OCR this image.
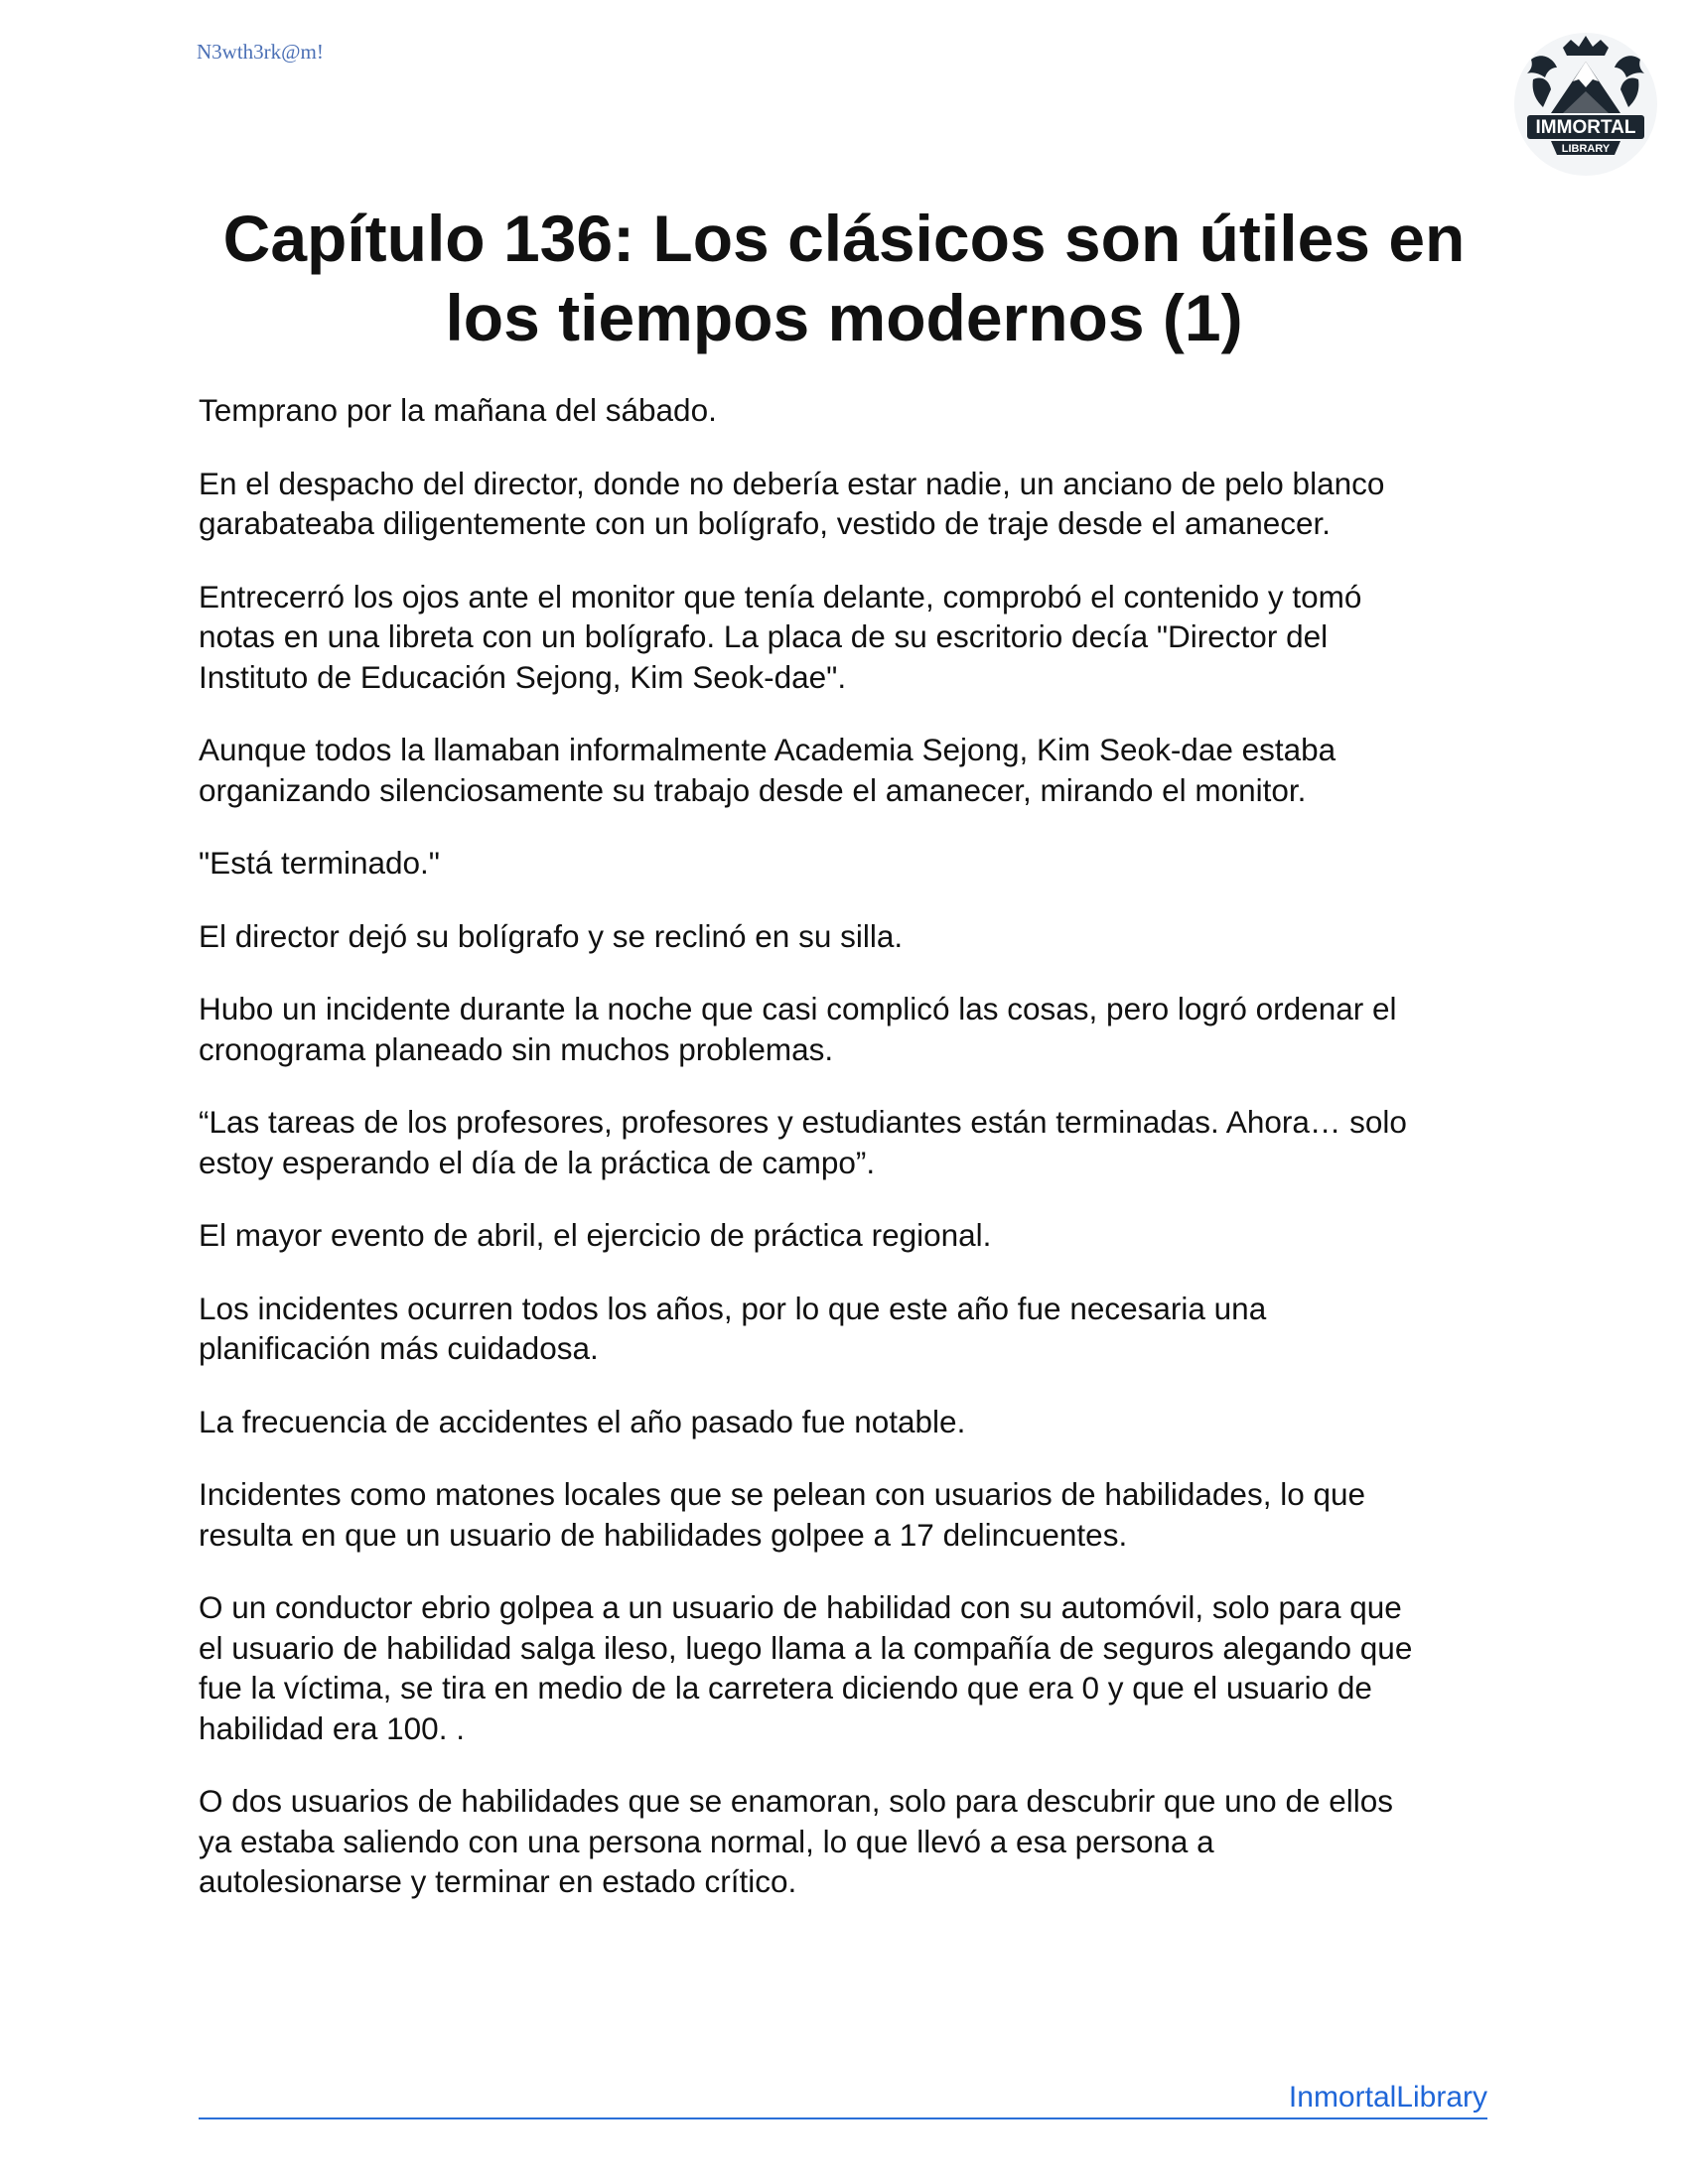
N3wth3rk@m!
IMMORTAL
LIBRARY
Capítulo 136: Los clásicos son útiles en
los tiempos modernos (1)

Temprano por la mañana del sábado.

En el despacho del director, donde no debería estar nadie, un anciano de pelo blanco
garabateaba diligentemente con un bolígrafo, vestido de traje desde el amanecer.

Entrecerró los ojos ante el monitor que tenía delante, comprobó el contenido y tomó
notas en una libreta con un bolígrafo. La placa de su escritorio decía "Director del
Instituto de Educación Sejong, Kim Seok-dae".

Aunque todos la llamaban informalmente Academia Sejong, Kim Seok-dae estaba
organizando silenciosamente su trabajo desde el amanecer, mirando el monitor.

"Está terminado."

El director dejó su bolígrafo y se reclinó en su silla.

Hubo un incidente durante la noche que casi complicó las cosas, pero logró ordenar el
cronograma planeado sin muchos problemas.

“Las tareas de los profesores, profesores y estudiantes están terminadas. Ahora… solo
estoy esperando el día de la práctica de campo”.

El mayor evento de abril, el ejercicio de práctica regional.

Los incidentes ocurren todos los años, por lo que este año fue necesaria una
planificación más cuidadosa.

La frecuencia de accidentes el año pasado fue notable.

Incidentes como matones locales que se pelean con usuarios de habilidades, lo que
resulta en que un usuario de habilidades golpee a 17 delincuentes.

O un conductor ebrio golpea a un usuario de habilidad con su automóvil, solo para que
el usuario de habilidad salga ileso, luego llama a la compañía de seguros alegando que
fue la víctima, se tira en medio de la carretera diciendo que era 0 y que el usuario de
habilidad era 100. .

O dos usuarios de habilidades que se enamoran, solo para descubrir que uno de ellos
ya estaba saliendo con una persona normal, lo que llevó a esa persona a
autolesionarse y terminar en estado crítico.

InmortalLibrary
